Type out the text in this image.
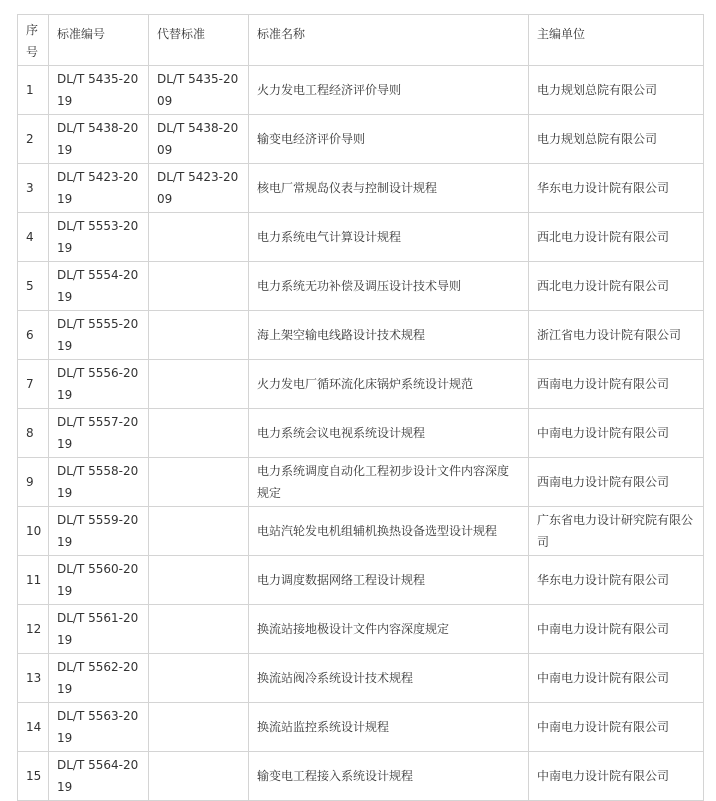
序号	标准编号	代替标准	标准名称	主编单位
1	DL/T 5435-2019	DL/T 5435-2009	火力发电工程经济评价导则	电力规划总院有限公司
2	DL/T 5438-2019	DL/T 5438-2009	输变电经济评价导则	电力规划总院有限公司
3	DL/T 5423-2019	DL/T 5423-2009	核电厂常规岛仪表与控制设计规程	华东电力设计院有限公司
4	DL/T 5553-2019		电力系统电气计算设计规程	西北电力设计院有限公司
5	DL/T 5554-2019		电力系统无功补偿及调压设计技术导则	西北电力设计院有限公司
6	DL/T 5555-2019		海上架空输电线路设计技术规程	浙江省电力设计院有限公司
7	DL/T 5556-2019		火力发电厂循环流化床锅炉系统设计规范	西南电力设计院有限公司
8	DL/T 5557-2019		电力系统会议电视系统设计规程	中南电力设计院有限公司
9	DL/T 5558-2019		电力系统调度自动化工程初步设计文件内容深度规定	西南电力设计院有限公司
10	DL/T 5559-2019		电站汽轮发电机组辅机换热设备选型设计规程	广东省电力设计研究院有限公司
11	DL/T 5560-2019		电力调度数据网络工程设计规程	华东电力设计院有限公司
12	DL/T 5561-2019		换流站接地极设计文件内容深度规定	中南电力设计院有限公司
13	DL/T 5562-2019		换流站阀冷系统设计技术规程	中南电力设计院有限公司
14	DL/T 5563-2019		换流站监控系统设计规程	中南电力设计院有限公司
15	DL/T 5564-2019		输变电工程接入系统设计规程	中南电力设计院有限公司
